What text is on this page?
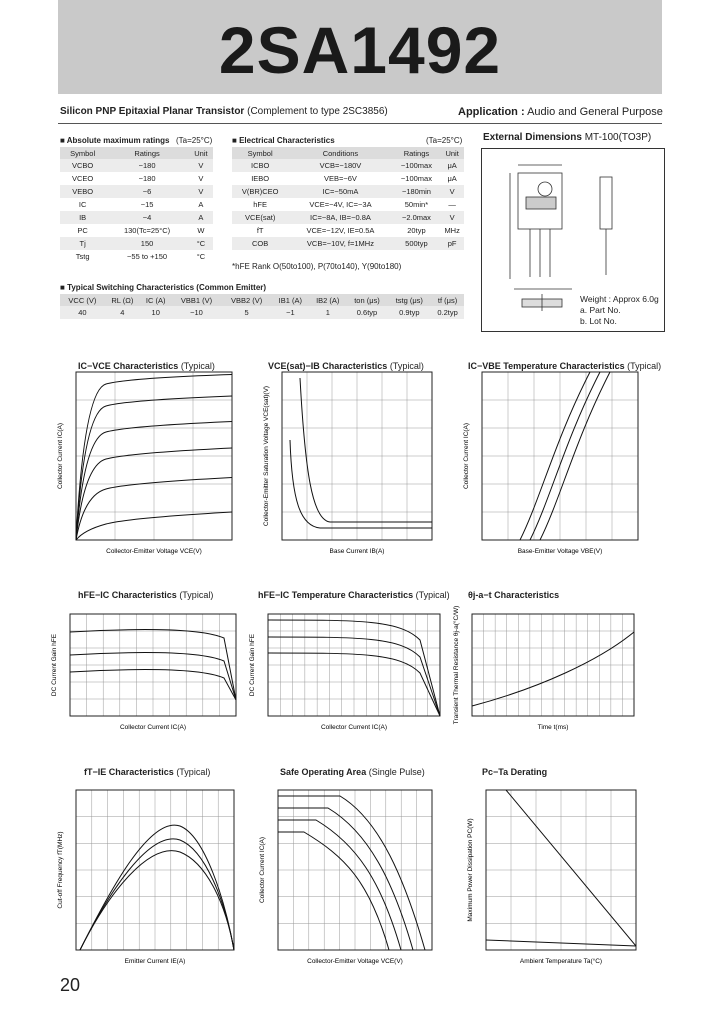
2SA1492
Silicon PNP Epitaxial Planar Transistor (Complement to type 2SC3856)	Application : Audio and General Purpose
■ Absolute maximum ratings (Ta=25°C)
Symbol	Ratings	Unit
VCBO	−180	V
VCEO	−180	V
VEBO	−6	V
IC	−15	A
IB	−4	A
PC	130(Tc=25°C)	W
Tj	150	°C
Tstg	−55 to +150	°C
■ Electrical Characteristics	(Ta=25°C)
Symbol	Conditions	Ratings	Unit
ICBO	VCB=−180V	−100max	μA
IEBO	VEB=−6V	−100max	μA
V(BR)CEO	IC=−50mA	−180min	V
hFE	VCE=−4V, IC=−3A	50min*	—
VCE(sat)	IC=−8A, IB=−0.8A	−2.0max	V
fT	VCE=−12V, IE=0.5A	20typ	MHz
COB	VCB=−10V, f=1MHz	500typ	pF
*hFE Rank O(50to100), P(70to140), Y(90to180)
■ Typical Switching Characteristics (Common Emitter)
VCC (V)	RL (Ω)	IC (A)	VBB1 (V)	VBB2 (V)	IB1 (A)	IB2 (A)	ton (μs)	tstg (μs)	tf (μs)
40	4	10	−10	5	−1	1	0.6typ	0.9typ	0.2typ
External Dimensions MT-100(TO3P)
Weight : Approx 6.0g
a. Part No.
b. Lot No.
IC−VCE Characteristics (Typical)	VCE(sat)−IB Characteristics (Typical)	IC−VBE Temperature Characteristics (Typical)
hFE−IC Characteristics (Typical)	hFE−IC Temperature Characteristics (Typical) θj-a−t Characteristics
fT−IE Characteristics (Typical)	Safe Operating Area (Single Pulse)	Pc−Ta Derating
Collector-Emitter Voltage VCE(V)
Collector Current IC(A)
Base Current IB(A)
Collector-Emitter Saturation Voltage VCE(sat)(V)
Base-Emitter Voltage VBE(V)
Collector Current IC(A)
Collector Current IC(A)
DC Current Gain hFE
Collector Current IC(A)
DC Current Gain hFE
Time t(ms)
Transient Thermal Resistance θj-a(°C/W)
Emitter Current IE(A)
Cut-off Frequency fT(MHz)
Collector-Emitter Voltage VCE(V)
Collector Current IC(A)
Ambient Temperature Ta(°C)
Maximum Power Dissipation PC(W)
20
